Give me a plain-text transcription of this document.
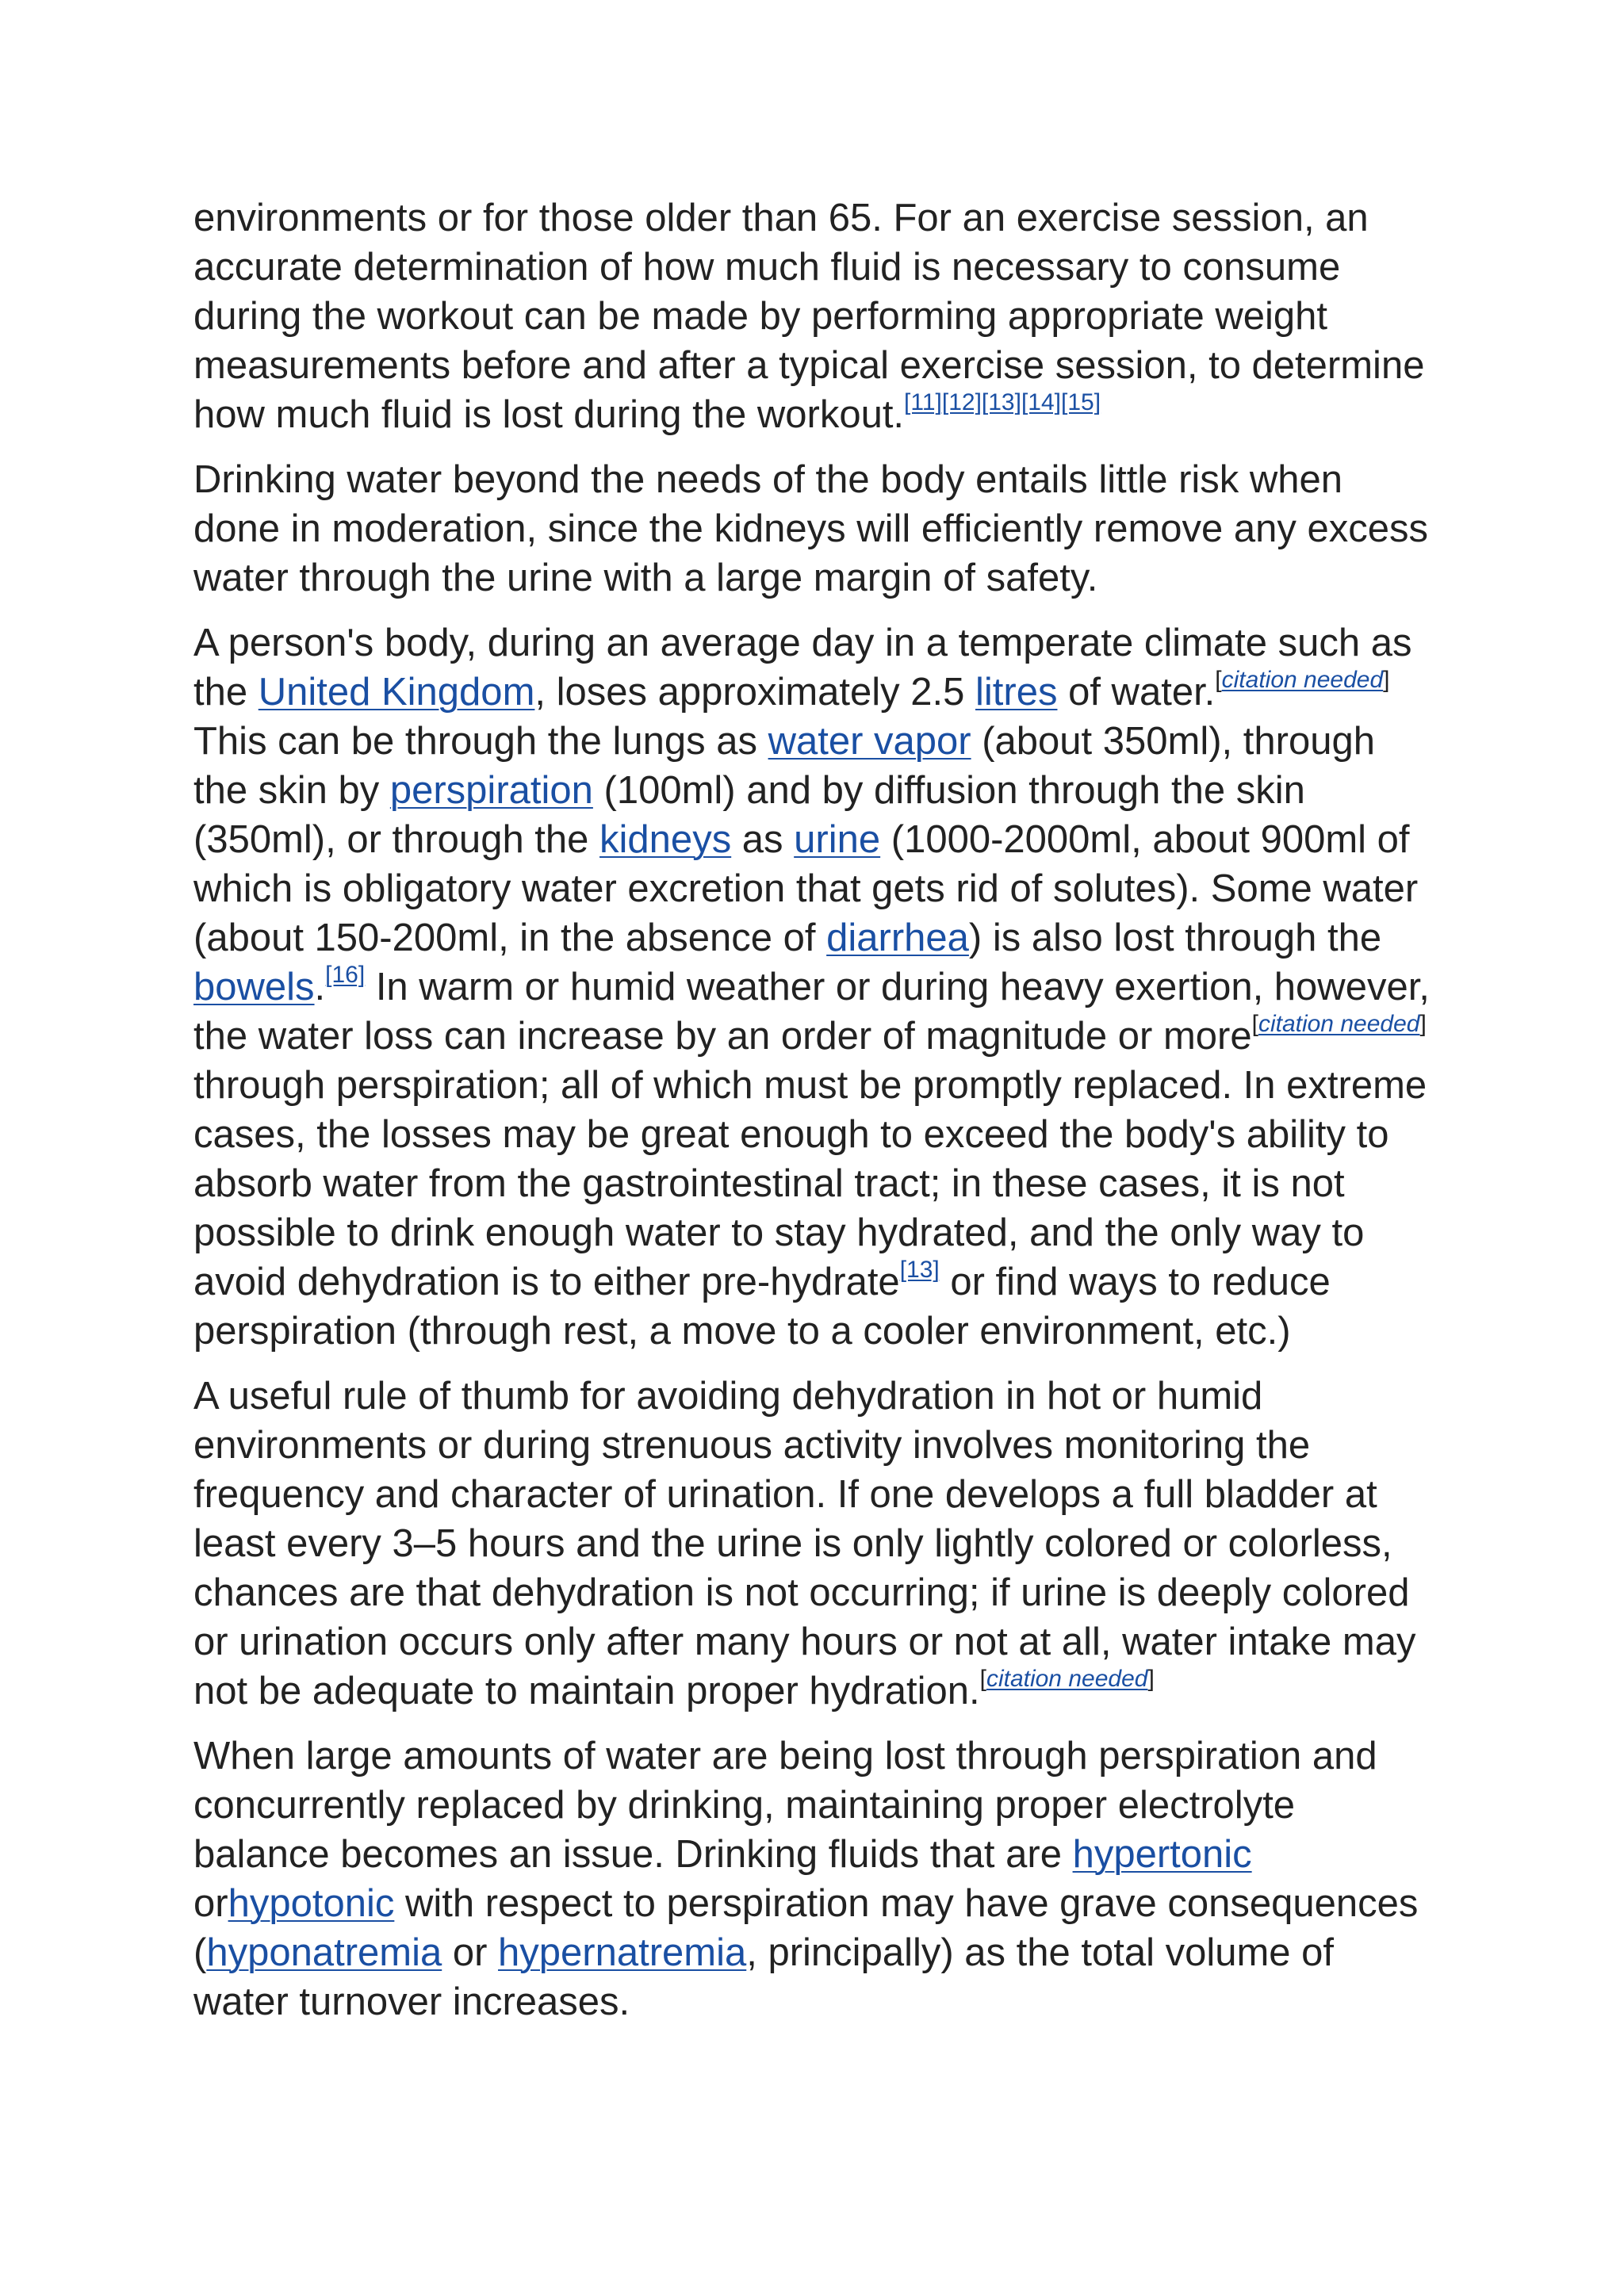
environments or for those older than 65. For an exercise session, an accurate determination of how much fluid is necessary to consume during the workout can be made by performing appropriate weight measurements before and after a typical exercise session, to determine how much fluid is lost during the workout.[11][12][13][14][15]

Drinking water beyond the needs of the body entails little risk when done in moderation, since the kidneys will efficiently remove any excess water through the urine with a large margin of safety.

A person's body, during an average day in a temperate climate such as the United Kingdom, loses approximately 2.5 litres of water.[citation needed] This can be through the lungs as water vapor (about 350ml), through the skin by perspiration (100ml) and by diffusion through the skin (350ml), or through the kidneys as urine (1000-2000ml, about 900ml of which is obligatory water excretion that gets rid of solutes). Some water (about 150-200ml, in the absence of diarrhea) is also lost through the bowels.[16] In warm or humid weather or during heavy exertion, however, the water loss can increase by an order of magnitude or more[citation needed] through perspiration; all of which must be promptly replaced. In extreme cases, the losses may be great enough to exceed the body's ability to absorb water from the gastrointestinal tract; in these cases, it is not possible to drink enough water to stay hydrated, and the only way to avoid dehydration is to either pre-hydrate[13] or find ways to reduce perspiration (through rest, a move to a cooler environment, etc.)

A useful rule of thumb for avoiding dehydration in hot or humid environments or during strenuous activity involves monitoring the frequency and character of urination. If one develops a full bladder at least every 3–5 hours and the urine is only lightly colored or colorless, chances are that dehydration is not occurring; if urine is deeply colored or urination occurs only after many hours or not at all, water intake may not be adequate to maintain proper hydration.[citation needed]

When large amounts of water are being lost through perspiration and concurrently replaced by drinking, maintaining proper electrolyte balance becomes an issue. Drinking fluids that are hypertonic orhypotonic with respect to perspiration may have grave consequences (hyponatremia or hypernatremia, principally) as the total volume of water turnover increases.
